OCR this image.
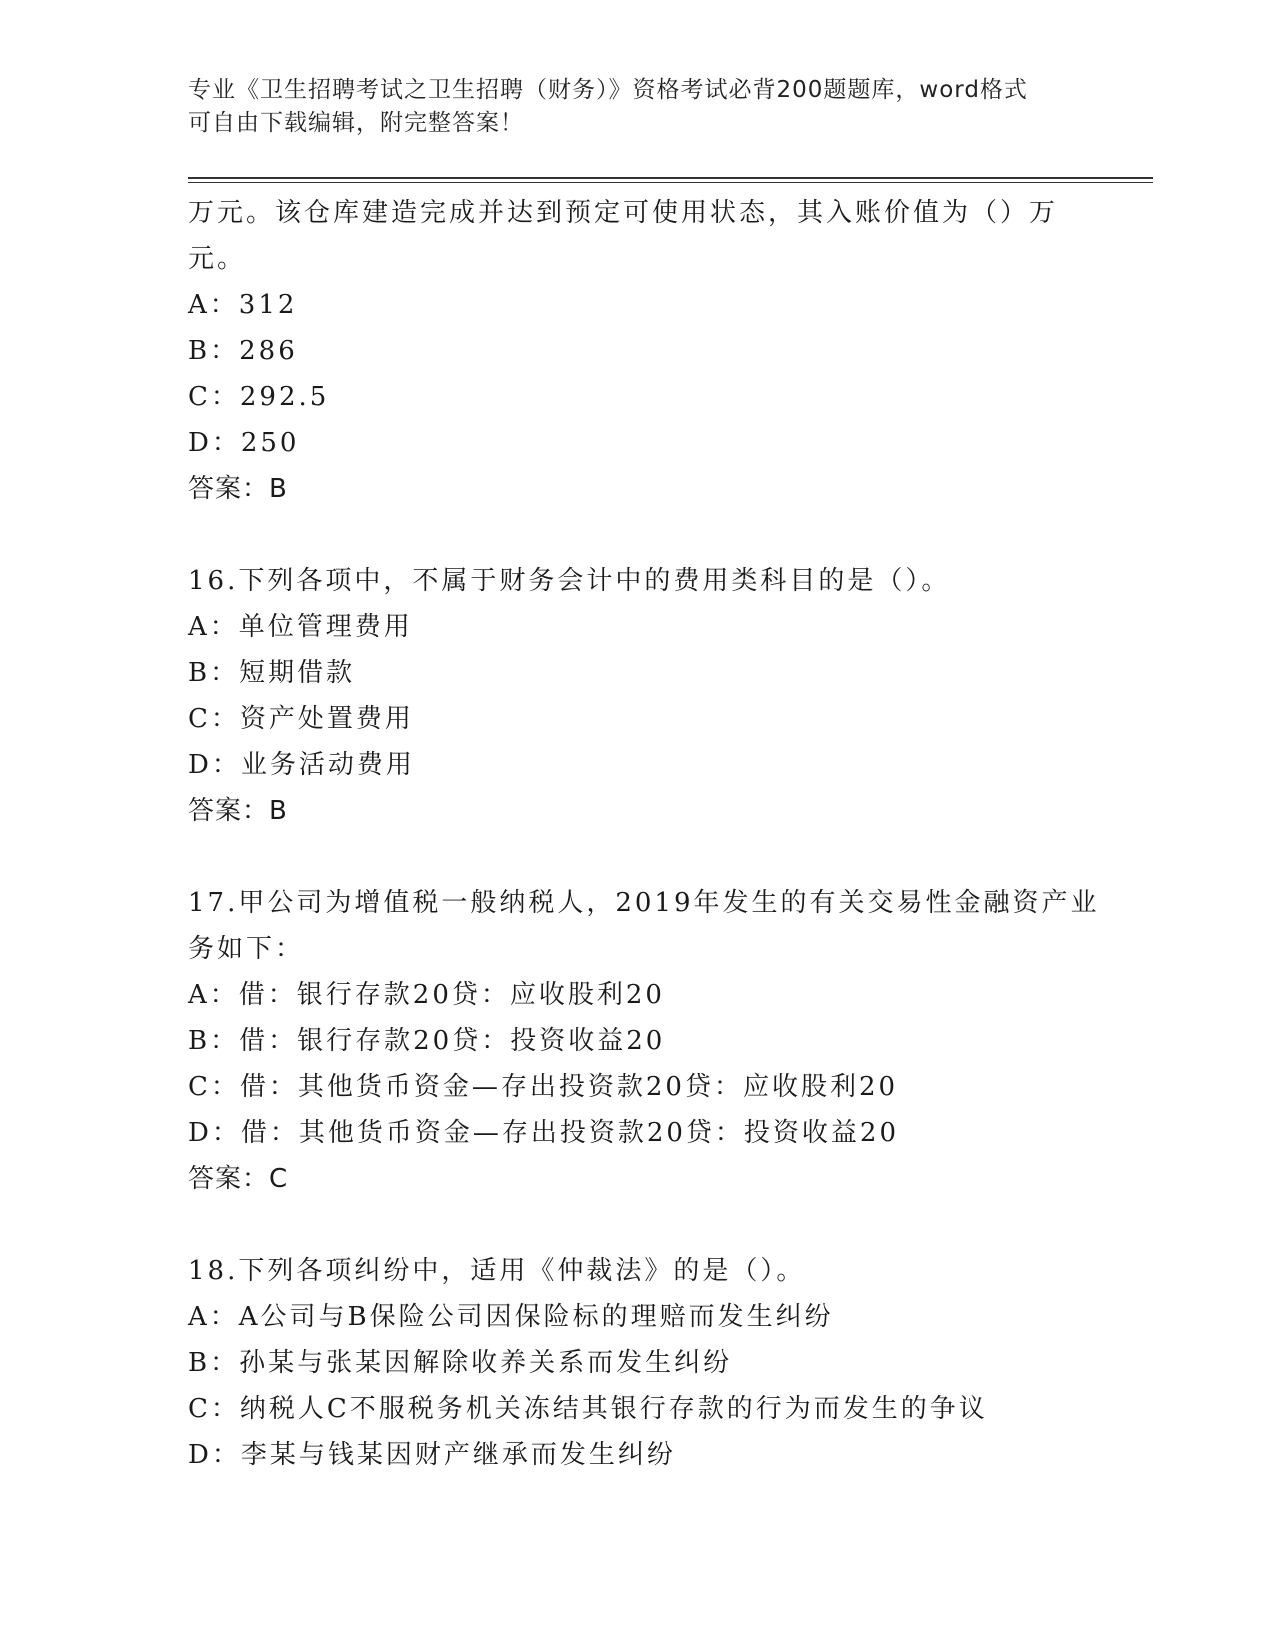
专业《卫生招聘考试之卫生招聘（财务）》资格考试必背200题题库，word格式
可自由下载编辑，附完整答案！
万元。该仓库建造完成并达到预定可使用状态，其入账价值为（）万
元。
A：312
B：286
C：292.5
D：250
答案：B
16.下列各项中，不属于财务会计中的费用类科目的是（）。
A：单位管理费用
B：短期借款
C：资产处置费用
D：业务活动费用
答案：B
17.甲公司为增值税一般纳税人，2019年发生的有关交易性金融资产业
务如下：
A：借：银行存款20贷：应收股利20
B：借：银行存款20贷：投资收益20
C：借：其他货币资金—存出投资款20贷：应收股利20
D：借：其他货币资金—存出投资款20贷：投资收益20
答案：C
18.下列各项纠纷中，适用《仲裁法》的是（）。
A：A公司与B保险公司因保险标的理赔而发生纠纷
B：孙某与张某因解除收养关系而发生纠纷
C：纳税人C不服税务机关冻结其银行存款的行为而发生的争议
D：李某与钱某因财产继承而发生纠纷
